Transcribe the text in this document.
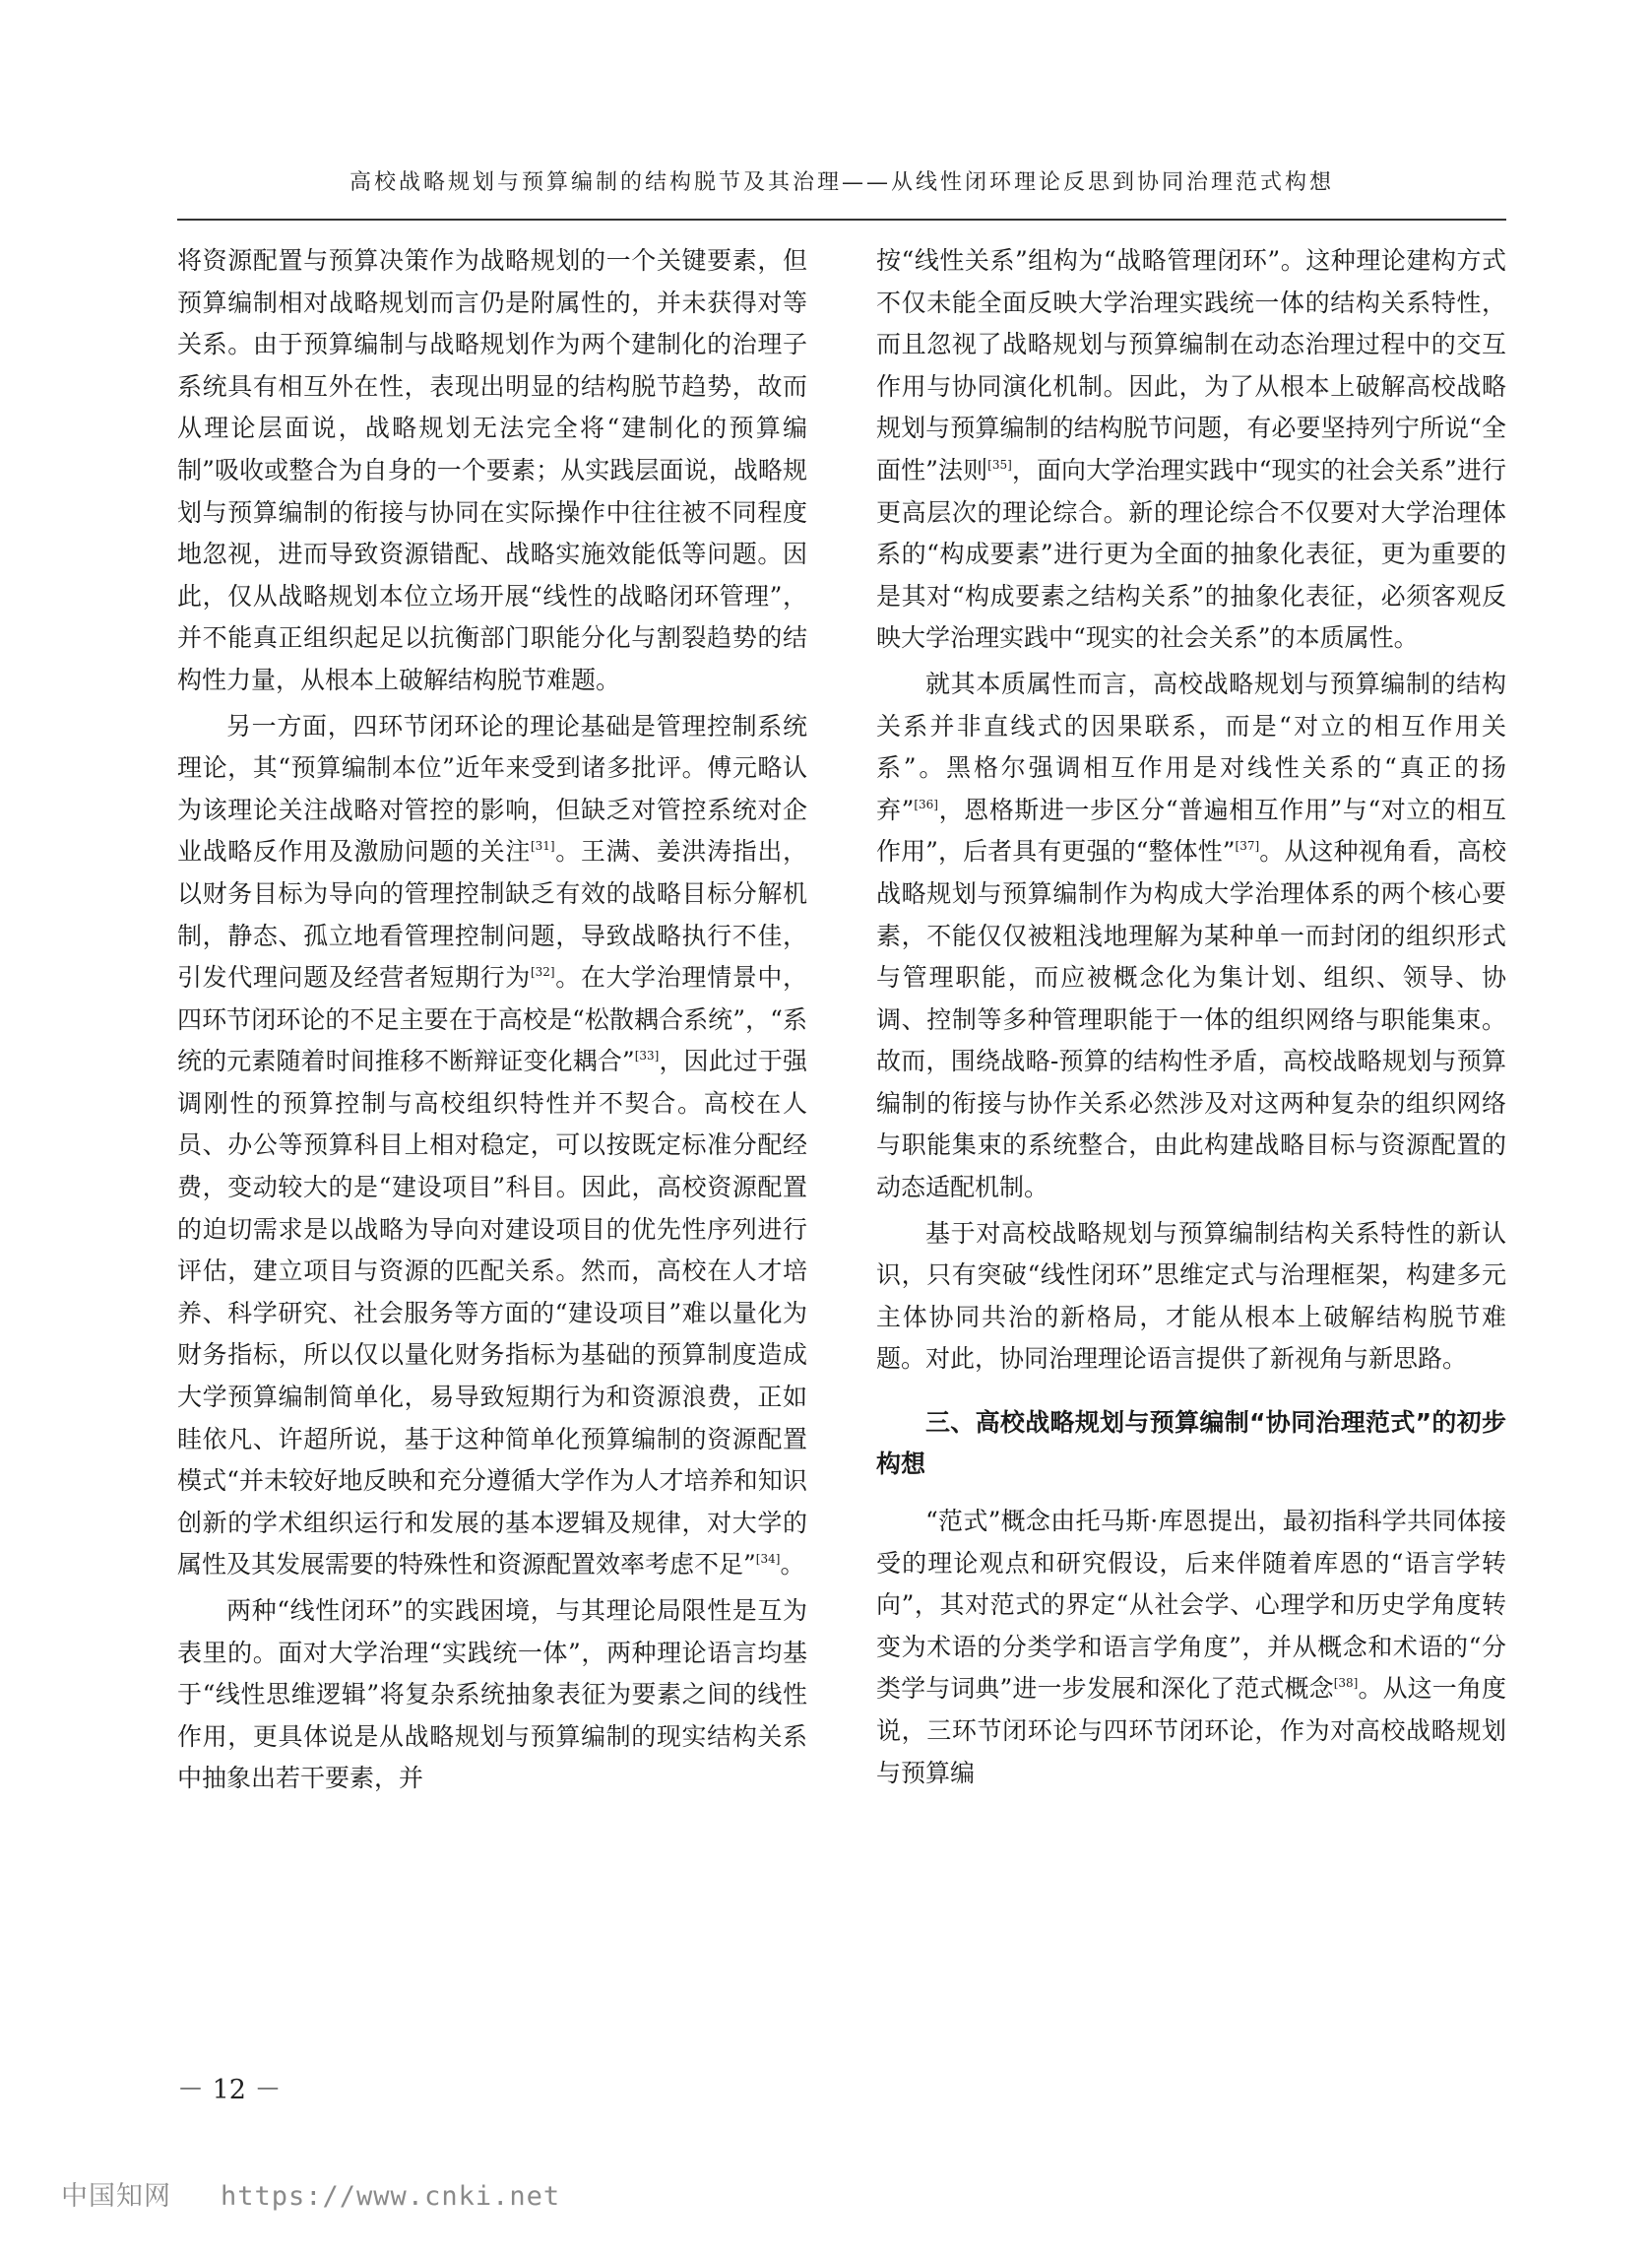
高校战略规划与预算编制的结构脱节及其治理——从线性闭环理论反思到协同治理范式构想

将资源配置与预算决策作为战略规划的一个关键要素，但预算编制相对战略规划而言仍是附属性的，并未获得对等关系。由于预算编制与战略规划作为两个建制化的治理子系统具有相互外在性，表现出明显的结构脱节趋势，故而从理论层面说，战略规划无法完全将“建制化的预算编制”吸收或整合为自身的一个要素；从实践层面说，战略规划与预算编制的衔接与协同在实际操作中往往被不同程度地忽视，进而导致资源错配、战略实施效能低等问题。因此，仅从战略规划本位立场开展“线性的战略闭环管理”，并不能真正组织起足以抗衡部门职能分化与割裂趋势的结构性力量，从根本上破解结构脱节难题。

另一方面，四环节闭环论的理论基础是管理控制系统理论，其“预算编制本位”近年来受到诸多批评。傅元略认为该理论关注战略对管控的影响，但缺乏对管控系统对企业战略反作用及激励问题的关注[31]。王满、姜洪涛指出，以财务目标为导向的管理控制缺乏有效的战略目标分解机制，静态、孤立地看管理控制问题，导致战略执行不佳，引发代理问题及经营者短期行为[32]。在大学治理情景中，四环节闭环论的不足主要在于高校是“松散耦合系统”，“系统的元素随着时间推移不断辩证变化耦合”[33]，因此过于强调刚性的预算控制与高校组织特性并不契合。高校在人员、办公等预算科目上相对稳定，可以按既定标准分配经费，变动较大的是“建设项目”科目。因此，高校资源配置的迫切需求是以战略为导向对建设项目的优先性序列进行评估，建立项目与资源的匹配关系。然而，高校在人才培养、科学研究、社会服务等方面的“建设项目”难以量化为财务指标，所以仅以量化财务指标为基础的预算制度造成大学预算编制简单化，易导致短期行为和资源浪费，正如眭依凡、许超所说，基于这种简单化预算编制的资源配置模式“并未较好地反映和充分遵循大学作为人才培养和知识创新的学术组织运行和发展的基本逻辑及规律，对大学的属性及其发展需要的特殊性和资源配置效率考虑不足”[34]。

两种“线性闭环”的实践困境，与其理论局限性是互为表里的。面对大学治理“实践统一体”，两种理论语言均基于“线性思维逻辑”将复杂系统抽象表征为要素之间的线性作用，更具体说是从战略规划与预算编制的现实结构关系中抽象出若干要素，并

按“线性关系”组构为“战略管理闭环”。这种理论建构方式不仅未能全面反映大学治理实践统一体的结构关系特性，而且忽视了战略规划与预算编制在动态治理过程中的交互作用与协同演化机制。因此，为了从根本上破解高校战略规划与预算编制的结构脱节问题，有必要坚持列宁所说“全面性”法则[35]，面向大学治理实践中“现实的社会关系”进行更高层次的理论综合。新的理论综合不仅要对大学治理体系的“构成要素”进行更为全面的抽象化表征，更为重要的是其对“构成要素之结构关系”的抽象化表征，必须客观反映大学治理实践中“现实的社会关系”的本质属性。

就其本质属性而言，高校战略规划与预算编制的结构关系并非直线式的因果联系，而是“对立的相互作用关系”。黑格尔强调相互作用是对线性关系的“真正的扬弃”[36]，恩格斯进一步区分“普遍相互作用”与“对立的相互作用”，后者具有更强的“整体性”[37]。从这种视角看，高校战略规划与预算编制作为构成大学治理体系的两个核心要素，不能仅仅被粗浅地理解为某种单一而封闭的组织形式与管理职能，而应被概念化为集计划、组织、领导、协调、控制等多种管理职能于一体的组织网络与职能集束。故而，围绕战略-预算的结构性矛盾，高校战略规划与预算编制的衔接与协作关系必然涉及对这两种复杂的组织网络与职能集束的系统整合，由此构建战略目标与资源配置的动态适配机制。

基于对高校战略规划与预算编制结构关系特性的新认识，只有突破“线性闭环”思维定式与治理框架，构建多元主体协同共治的新格局，才能从根本上破解结构脱节难题。对此，协同治理理论语言提供了新视角与新思路。

三、高校战略规划与预算编制“协同治理范式”的初步构想

“范式”概念由托马斯·库恩提出，最初指科学共同体接受的理论观点和研究假设，后来伴随着库恩的“语言学转向”，其对范式的界定“从社会学、心理学和历史学角度转变为术语的分类学和语言学角度”，并从概念和术语的“分类学与词典”进一步发展和深化了范式概念[38]。从这一角度说，三环节闭环论与四环节闭环论，作为对高校战略规划与预算编

－ 12 －
中国知网 https://www.cnki.net
